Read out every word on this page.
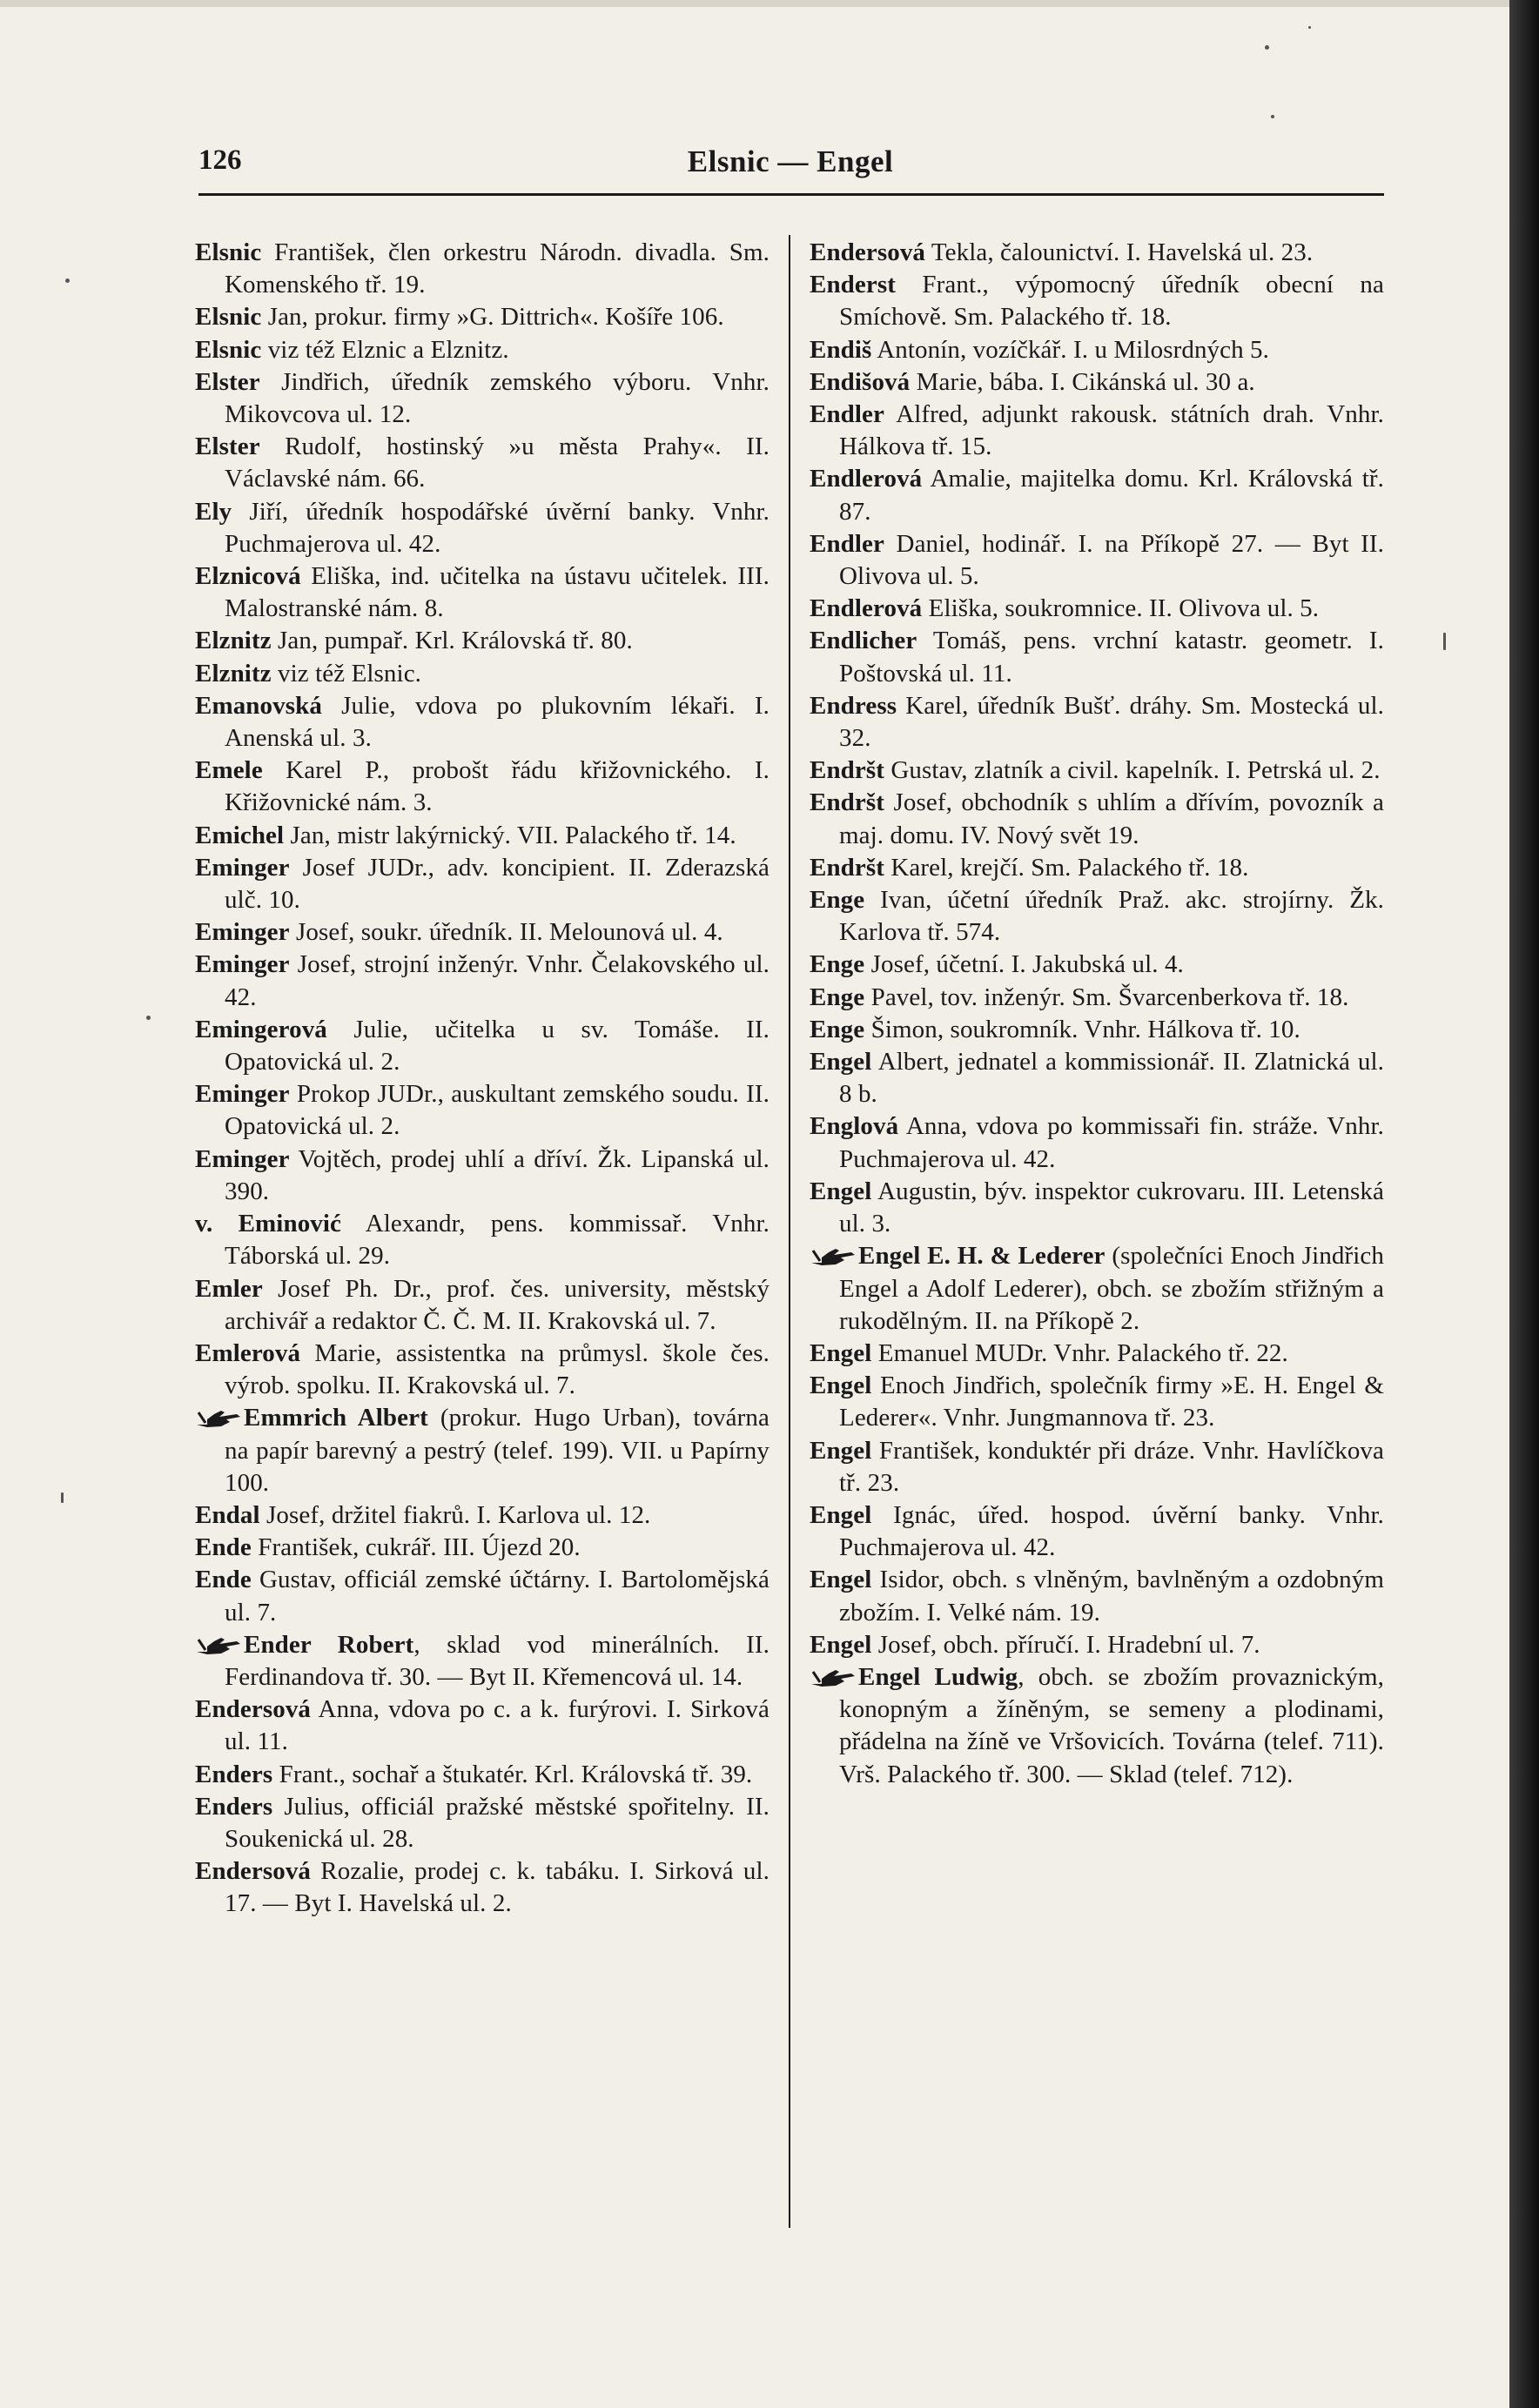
126	Elsnic — Engel

Elsnic František, člen orkestru Národn. divadla. Sm. Komenského tř. 19.

Elsnic Jan, prokur. firmy »G. Dittrich«. Košíře 106.

Elsnic viz též Elznic a Elznitz.

Elster Jindřich, úředník zemského výboru. Vnhr. Mikovcova ul. 12.

Elster Rudolf, hostinský »u města Prahy«. II. Václavské nám. 66.

Ely Jiří, úředník hospodářské úvěrní banky. Vnhr. Puchmajerova ul. 42.

Elznicová Eliška, ind. učitelka na ústavu učitelek. III. Malostranské nám. 8.

Elznitz Jan, pumpař. Krl. Královská tř. 80.

Elznitz viz též Elsnic.

Emanovská Julie, vdova po plukovním lékaři. I. Anenská ul. 3.

Emele Karel P., probošt řádu křižovnického. I. Křižovnické nám. 3.

Emichel Jan, mistr lakýrnický. VII. Palackého tř. 14.

Eminger Josef JUDr., adv. koncipient. II. Zderazská ulč. 10.

Eminger Josef, soukr. úředník. II. Melounová ul. 4.

Eminger Josef, strojní inženýr. Vnhr. Čelakovského ul. 42.

Emingerová Julie, učitelka u sv. Tomáše. II. Opatovická ul. 2.

Eminger Prokop JUDr., auskultant zemského soudu. II. Opatovická ul. 2.

Eminger Vojtěch, prodej uhlí a dříví. Žk. Lipanská ul. 390.

v. Eminović Alexandr, pens. kommissař. Vnhr. Táborská ul. 29.

Emler Josef Ph. Dr., prof. čes. university, městský archivář a redaktor Č. Č. M. II. Krakovská ul. 7.

Emlerová Marie, assistentka na průmysl. škole čes. výrob. spolku. II. Krakovská ul. 7.

Emmrich Albert (prokur. Hugo Urban), továrna na papír barevný a pestrý (telef. 199). VII. u Papírny 100.

Endal Josef, držitel fiakrů. I. Karlova ul. 12.

Ende František, cukrář. III. Újezd 20.

Ende Gustav, officiál zemské účtárny. I. Bartolomějská ul. 7.

Ender Robert, sklad vod minerálních. II. Ferdinandova tř. 30. — Byt II. Křemencová ul. 14.

Endersová Anna, vdova po c. a k. furýrovi. I. Sirková ul. 11.

Enders Frant., sochař a štukatér. Krl. Královská tř. 39.

Enders Julius, officiál pražské městské spořitelny. II. Soukenická ul. 28.

Endersová Rozalie, prodej c. k. tabáku. I. Sirková ul. 17. — Byt I. Havelská ul. 2.

Endersová Tekla, čalounictví. I. Havelská ul. 23.

Enderst Frant., výpomocný úředník obecní na Smíchově. Sm. Palackého tř. 18.

Endiš Antonín, vozíčkář. I. u Milosrdných 5.

Endišová Marie, bába. I. Cikánská ul. 30 a.

Endler Alfred, adjunkt rakousk. státních drah. Vnhr. Hálkova tř. 15.

Endlerová Amalie, majitelka domu. Krl. Královská tř. 87.

Endler Daniel, hodinář. I. na Příkopě 27. — Byt II. Olivova ul. 5.

Endlerová Eliška, soukromnice. II. Olivova ul. 5.

Endlicher Tomáš, pens. vrchní katastr. geometr. I. Poštovská ul. 11.

Endress Karel, úředník Bušť. dráhy. Sm. Mostecká ul. 32.

Endršt Gustav, zlatník a civil. kapelník. I. Petrská ul. 2.

Endršt Josef, obchodník s uhlím a dřívím, povozník a maj. domu. IV. Nový svět 19.

Endršt Karel, krejčí. Sm. Palackého tř. 18.

Enge Ivan, účetní úředník Praž. akc. strojírny. Žk. Karlova tř. 574.

Enge Josef, účetní. I. Jakubská ul. 4.

Enge Pavel, tov. inženýr. Sm. Švarcenberkova tř. 18.

Enge Šimon, soukromník. Vnhr. Hálkova tř. 10.

Engel Albert, jednatel a kommissionář. II. Zlatnická ul. 8 b.

Englová Anna, vdova po kommissaři fin. stráže. Vnhr. Puchmajerova ul. 42.

Engel Augustin, býv. inspektor cukrovaru. III. Letenská ul. 3.

Engel E. H. & Lederer (společníci Enoch Jindřich Engel a Adolf Lederer), obch. se zbožím střižným a rukodělným. II. na Příkopě 2.

Engel Emanuel MUDr. Vnhr. Palackého tř. 22.

Engel Enoch Jindřich, společník firmy »E. H. Engel & Lederer«. Vnhr. Jungmannova tř. 23.

Engel František, konduktér při dráze. Vnhr. Havlíčkova tř. 23.

Engel Ignác, úřed. hospod. úvěrní banky. Vnhr. Puchmajerova ul. 42.

Engel Isidor, obch. s vlněným, bavlněným a ozdobným zbožím. I. Velké nám. 19.

Engel Josef, obch. příručí. I. Hradební ul. 7.

Engel Ludwig, obch. se zbožím provaznickým, konopným a žíněným, se semeny a plodinami, přádelna na žíně ve Vršovicích. Továrna (telef. 711). Vrš. Palackého tř. 300. — Sklad (telef. 712).
